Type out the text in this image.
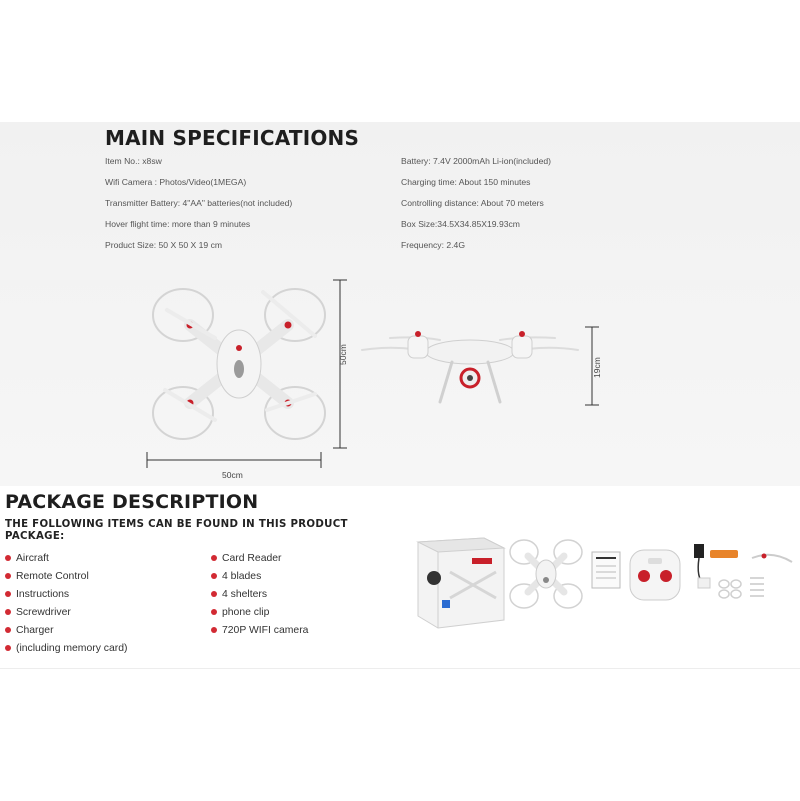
MAIN SPECIFICATIONS
Item No.: x8sw
Wifi Camera : Photos/Video(1MEGA)
Transmitter Battery: 4"AA" batteries(not included)
Hover flight time: more than 9 minutes
Product Size: 50 X 50 X 19 cm
Battery: 7.4V 2000mAh Li-ion(included)
Charging time: About 150 minutes
Controlling distance: About 70 meters
Box Size:34.5X34.85X19.93cm
Frequency: 2.4G
50cm
50cm
19cm
PACKAGE DESCRIPTION
THE FOLLOWING ITEMS CAN BE FOUND IN THIS PRODUCT PACKAGE:
Aircraft
Remote Control
Instructions
Screwdriver
Charger
(including memory card)
Card Reader
4 blades
4 shelters
phone clip
720P WIFI camera
